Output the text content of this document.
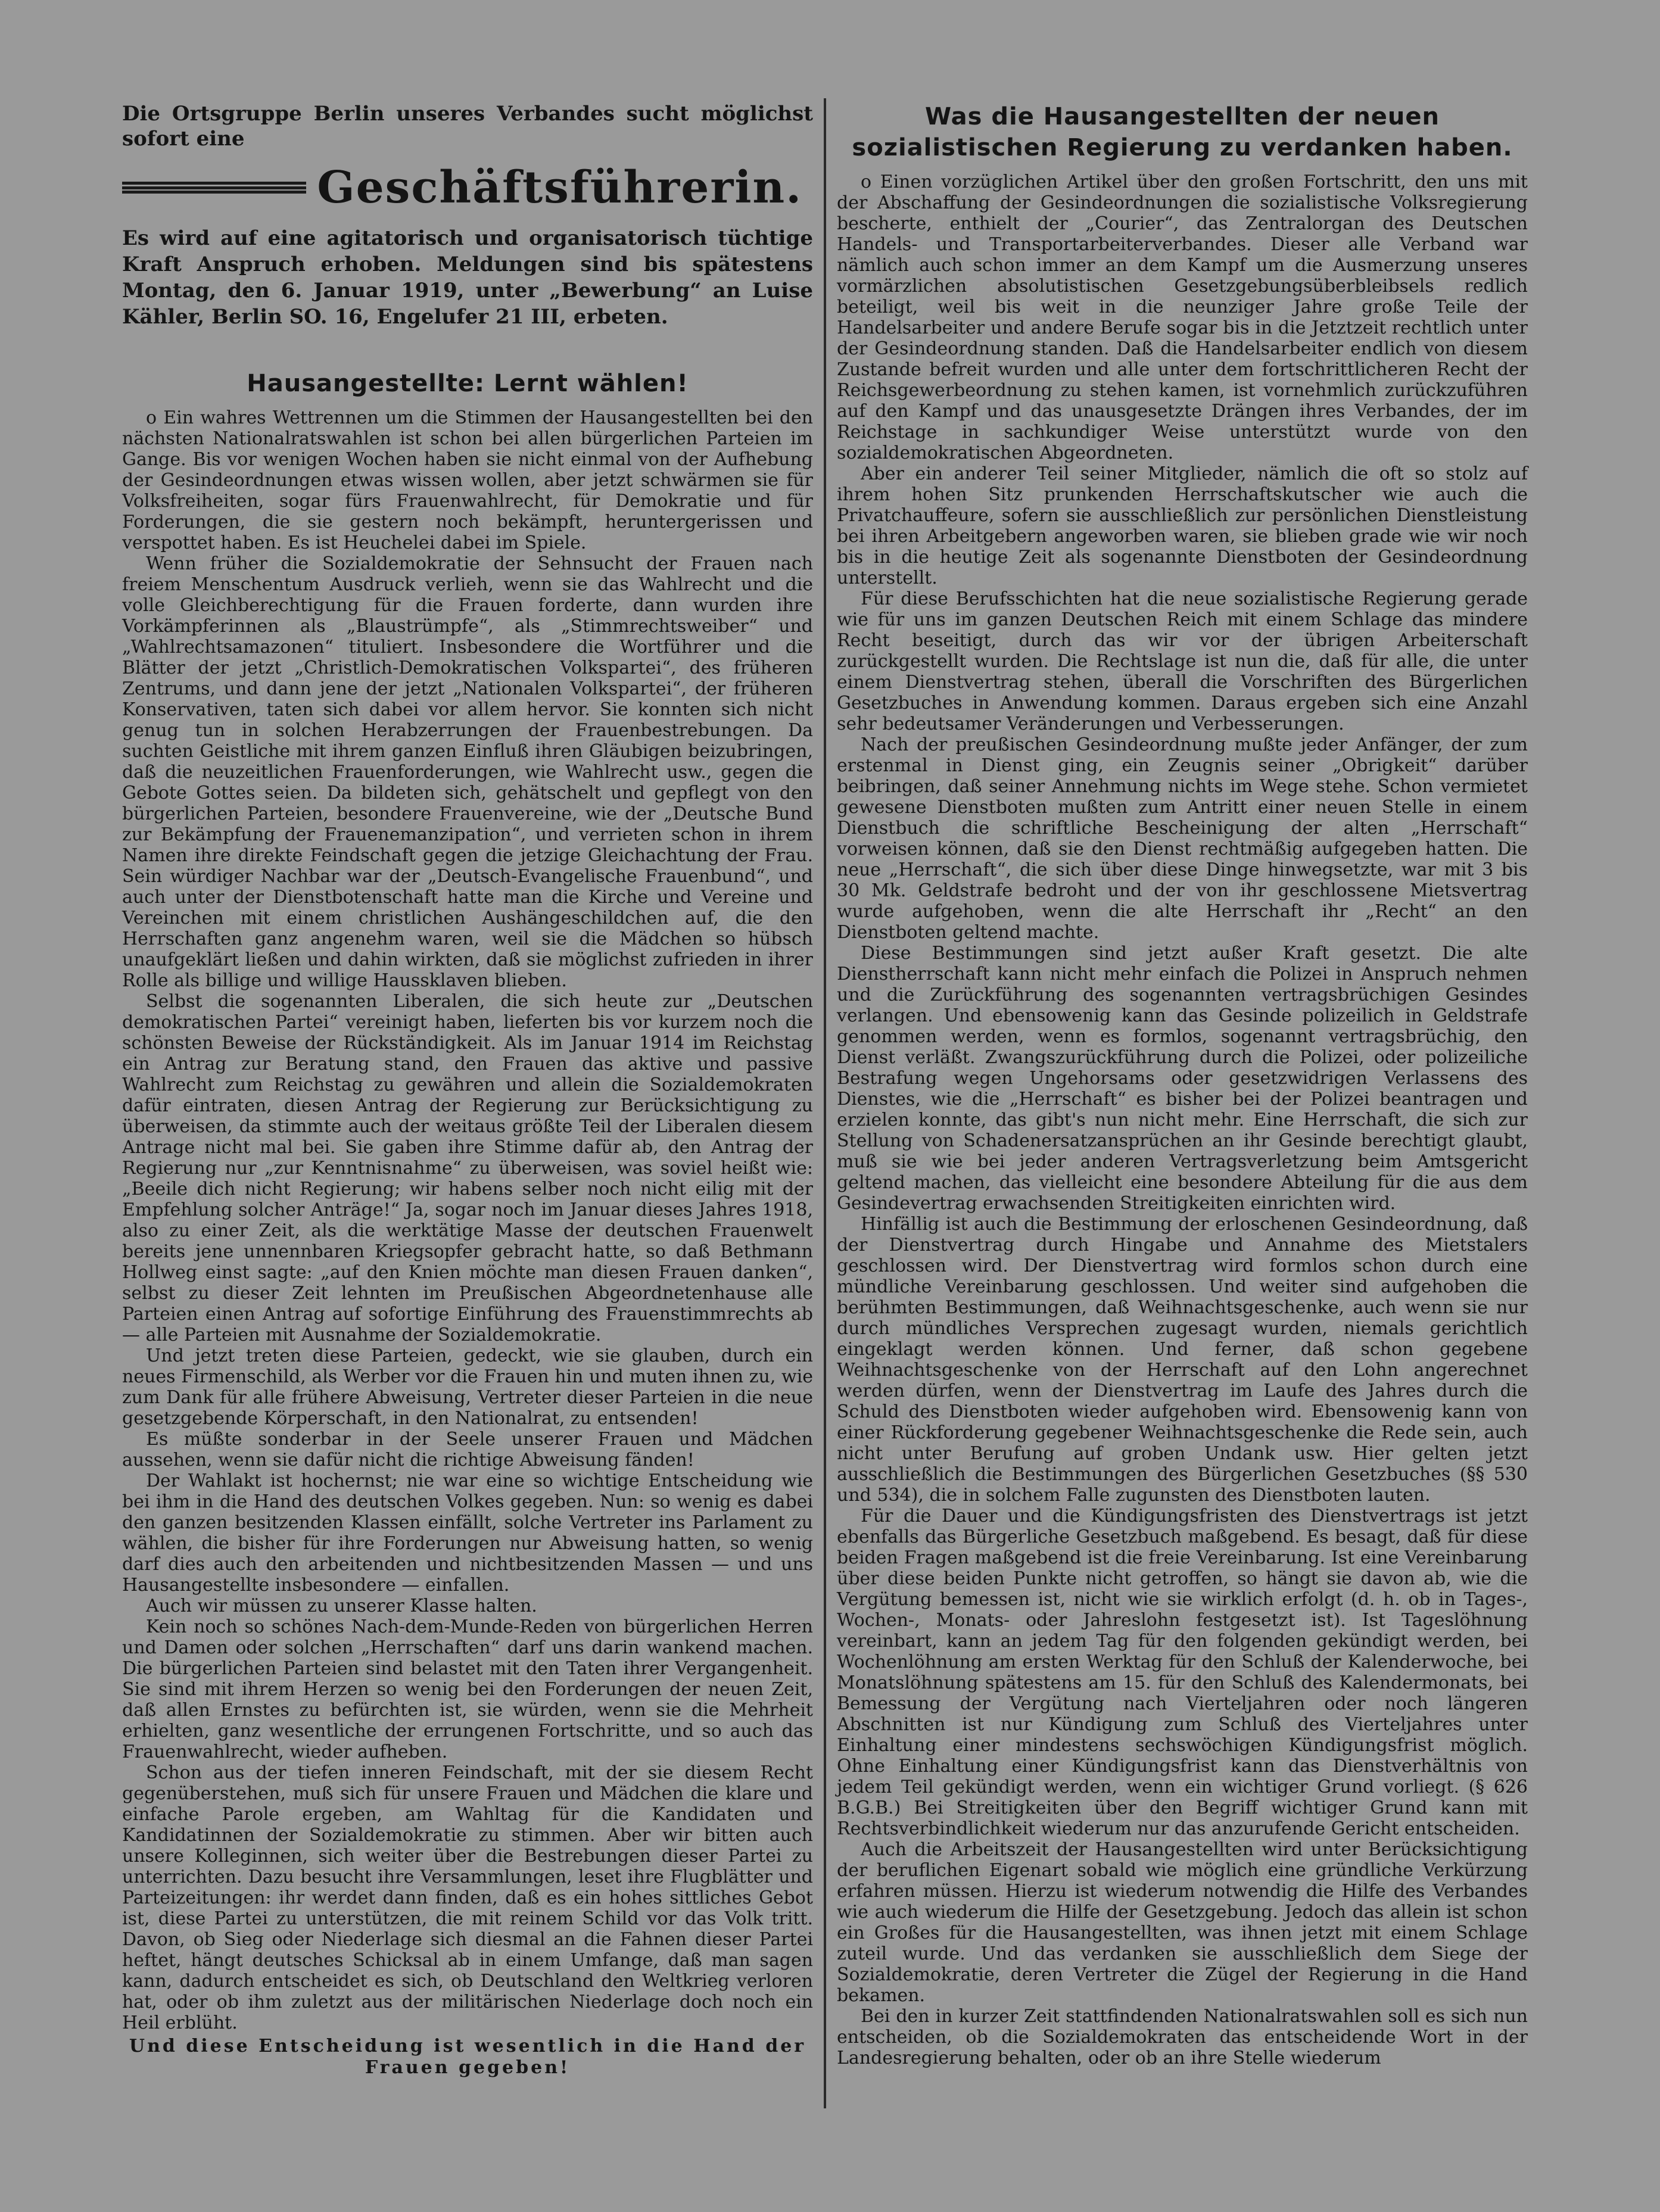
Die Ortsgruppe Berlin unseres Verbandes sucht möglichst sofort eine
Geschäftsführerin.
Es wird auf eine agitatorisch und organisatorisch tüchtige Kraft Anspruch erhoben. Meldungen sind bis spätestens Montag, den 6. Januar 1919, unter „Bewerbung“ an Luise Kähler, Berlin SO. 16, Engelufer 21 III, erbeten.
Hausangestellte: Lernt wählen!

o Ein wahres Wettrennen um die Stimmen der Hausangestellten bei den nächsten Nationalratswahlen ist schon bei allen bürgerlichen Parteien im Gange. Bis vor wenigen Wochen haben sie nicht einmal von der Aufhebung der Gesindeordnungen etwas wissen wollen, aber jetzt schwärmen sie für Volksfreiheiten, sogar fürs Frauenwahlrecht, für Demokratie und für Forderungen, die sie gestern noch bekämpft, heruntergerissen und verspottet haben. Es ist Heuchelei dabei im Spiele.

Wenn früher die Sozialdemokratie der Sehnsucht der Frauen nach freiem Menschentum Ausdruck verlieh, wenn sie das Wahlrecht und die volle Gleichberechtigung für die Frauen forderte, dann wurden ihre Vorkämpferinnen als „Blaustrümpfe“, als „Stimmrechtsweiber“ und „Wahlrechtsamazonen“ tituliert. Insbesondere die Wortführer und die Blätter der jetzt „Christlich-Demokratischen Volkspartei“, des früheren Zentrums, und dann jene der jetzt „Nationalen Volkspartei“, der früheren Konservativen, taten sich dabei vor allem hervor. Sie konnten sich nicht genug tun in solchen Herabzerrungen der Frauenbestrebungen. Da suchten Geistliche mit ihrem ganzen Einfluß ihren Gläubigen beizubringen, daß die neuzeitlichen Frauenforderungen, wie Wahlrecht usw., gegen die Gebote Gottes seien. Da bildeten sich, gehätschelt und gepflegt von den bürgerlichen Parteien, besondere Frauenvereine, wie der „Deutsche Bund zur Bekämpfung der Frauenemanzipation“, und verrieten schon in ihrem Namen ihre direkte Feindschaft gegen die jetzige Gleichachtung der Frau. Sein würdiger Nachbar war der „Deutsch-Evangelische Frauenbund“, und auch unter der Dienstbotenschaft hatte man die Kirche und Vereine und Vereinchen mit einem christlichen Aushängeschildchen auf, die den Herrschaften ganz angenehm waren, weil sie die Mädchen so hübsch unaufgeklärt ließen und dahin wirkten, daß sie möglichst zufrieden in ihrer Rolle als billige und willige Haussklaven blieben.

Selbst die sogenannten Liberalen, die sich heute zur „Deutschen demokratischen Partei“ vereinigt haben, lieferten bis vor kurzem noch die schönsten Beweise der Rückständigkeit. Als im Januar 1914 im Reichstag ein Antrag zur Beratung stand, den Frauen das aktive und passive Wahlrecht zum Reichstag zu gewähren und allein die Sozialdemokraten dafür eintraten, diesen Antrag der Regierung zur Berücksichtigung zu überweisen, da stimmte auch der weitaus größte Teil der Liberalen diesem Antrage nicht mal bei. Sie gaben ihre Stimme dafür ab, den Antrag der Regierung nur „zur Kenntnisnahme“ zu überweisen, was soviel heißt wie: „Beeile dich nicht Regierung; wir habens selber noch nicht eilig mit der Empfehlung solcher Anträge!“ Ja, sogar noch im Januar dieses Jahres 1918, also zu einer Zeit, als die werktätige Masse der deutschen Frauenwelt bereits jene unnennbaren Kriegsopfer gebracht hatte, so daß Bethmann Hollweg einst sagte: „auf den Knien möchte man diesen Frauen danken“, selbst zu dieser Zeit lehnten im Preußischen Abgeordnetenhause alle Parteien einen Antrag auf sofortige Einführung des Frauenstimmrechts ab — alle Parteien mit Ausnahme der Sozialdemokratie.

Und jetzt treten diese Parteien, gedeckt, wie sie glauben, durch ein neues Firmenschild, als Werber vor die Frauen hin und muten ihnen zu, wie zum Dank für alle frühere Abweisung, Vertreter dieser Parteien in die neue gesetzgebende Körperschaft, in den Nationalrat, zu entsenden!

Es müßte sonderbar in der Seele unserer Frauen und Mädchen aussehen, wenn sie dafür nicht die richtige Abweisung fänden!

Der Wahlakt ist hochernst; nie war eine so wichtige Entscheidung wie bei ihm in die Hand des deutschen Volkes gegeben. Nun: so wenig es dabei den ganzen besitzenden Klassen einfällt, solche Vertreter ins Parlament zu wählen, die bisher für ihre Forderungen nur Abweisung hatten, so wenig darf dies auch den arbeitenden und nichtbesitzenden Massen — und uns Hausangestellte insbesondere — einfallen.

Auch wir müssen zu unserer Klasse halten.

Kein noch so schönes Nach-dem-Munde-Reden von bürgerlichen Herren und Damen oder solchen „Herrschaften“ darf uns darin wankend machen. Die bürgerlichen Parteien sind belastet mit den Taten ihrer Vergangenheit. Sie sind mit ihrem Herzen so wenig bei den Forderungen der neuen Zeit, daß allen Ernstes zu befürchten ist, sie würden, wenn sie die Mehrheit erhielten, ganz wesentliche der errungenen Fortschritte, und so auch das Frauenwahlrecht, wieder aufheben.

Schon aus der tiefen inneren Feindschaft, mit der sie diesem Recht gegenüberstehen, muß sich für unsere Frauen und Mädchen die klare und einfache Parole ergeben, am Wahltag für die Kandidaten und Kandidatinnen der Sozialdemokratie zu stimmen. Aber wir bitten auch unsere Kolleginnen, sich weiter über die Bestrebungen dieser Partei zu unterrichten. Dazu besucht ihre Versammlungen, leset ihre Flugblätter und Parteizeitungen: ihr werdet dann finden, daß es ein hohes sittliches Gebot ist, diese Partei zu unterstützen, die mit reinem Schild vor das Volk tritt. Davon, ob Sieg oder Niederlage sich diesmal an die Fahnen dieser Partei heftet, hängt deutsches Schicksal ab in einem Umfange, daß man sagen kann, dadurch entscheidet es sich, ob Deutschland den Weltkrieg verloren hat, oder ob ihm zuletzt aus der militärischen Niederlage doch noch ein Heil erblüht.

Und diese Entscheidung ist wesentlich in die Hand der Frauen gegeben!
Was die Hausangestellten der neuen sozialistischen Regierung zu verdanken haben.

o Einen vorzüglichen Artikel über den großen Fortschritt, den uns mit der Abschaffung der Gesindeordnungen die sozialistische Volksregierung bescherte, enthielt der „Courier“, das Zentralorgan des Deutschen Handels- und Transportarbeiterverbandes. Dieser alle Verband war nämlich auch schon immer an dem Kampf um die Ausmerzung unseres vormärzlichen absolutistischen Gesetzgebungsüberbleibsels redlich beteiligt, weil bis weit in die neunziger Jahre große Teile der Handelsarbeiter und andere Berufe sogar bis in die Jetztzeit rechtlich unter der Gesindeordnung standen. Daß die Handelsarbeiter endlich von diesem Zustande befreit wurden und alle unter dem fortschrittlicheren Recht der Reichsgewerbeordnung zu stehen kamen, ist vornehmlich zurückzuführen auf den Kampf und das unausgesetzte Drängen ihres Verbandes, der im Reichstage in sachkundiger Weise unterstützt wurde von den sozialdemokratischen Abgeordneten.

Aber ein anderer Teil seiner Mitglieder, nämlich die oft so stolz auf ihrem hohen Sitz prunkenden Herrschaftskutscher wie auch die Privatchauffeure, sofern sie ausschließlich zur persönlichen Dienstleistung bei ihren Arbeitgebern angeworben waren, sie blieben grade wie wir noch bis in die heutige Zeit als sogenannte Dienstboten der Gesindeordnung unterstellt.

Für diese Berufsschichten hat die neue sozialistische Regierung gerade wie für uns im ganzen Deutschen Reich mit einem Schlage das mindere Recht beseitigt, durch das wir vor der übrigen Arbeiterschaft zurückgestellt wurden. Die Rechtslage ist nun die, daß für alle, die unter einem Dienstvertrag stehen, überall die Vorschriften des Bürgerlichen Gesetzbuches in Anwendung kommen. Daraus ergeben sich eine Anzahl sehr bedeutsamer Veränderungen und Verbesserungen.

Nach der preußischen Gesindeordnung mußte jeder Anfänger, der zum erstenmal in Dienst ging, ein Zeugnis seiner „Obrigkeit“ darüber beibringen, daß seiner Annehmung nichts im Wege stehe. Schon vermietet gewesene Dienstboten mußten zum Antritt einer neuen Stelle in einem Dienstbuch die schriftliche Bescheinigung der alten „Herrschaft“ vorweisen können, daß sie den Dienst rechtmäßig aufgegeben hatten. Die neue „Herrschaft“, die sich über diese Dinge hinwegsetzte, war mit 3 bis 30 Mk. Geldstrafe bedroht und der von ihr geschlossene Mietsvertrag wurde aufgehoben, wenn die alte Herrschaft ihr „Recht“ an den Dienstboten geltend machte.

Diese Bestimmungen sind jetzt außer Kraft gesetzt. Die alte Dienstherrschaft kann nicht mehr einfach die Polizei in Anspruch nehmen und die Zurückführung des sogenannten vertragsbrüchigen Gesindes verlangen. Und ebensowenig kann das Gesinde polizeilich in Geldstrafe genommen werden, wenn es formlos, sogenannt vertragsbrüchig, den Dienst verläßt. Zwangszurückführung durch die Polizei, oder polizeiliche Bestrafung wegen Ungehorsams oder gesetzwidrigen Verlassens des Dienstes, wie die „Herrschaft“ es bisher bei der Polizei beantragen und erzielen konnte, das gibt's nun nicht mehr. Eine Herrschaft, die sich zur Stellung von Schadenersatzansprüchen an ihr Gesinde berechtigt glaubt, muß sie wie bei jeder anderen Vertragsverletzung beim Amtsgericht geltend machen, das vielleicht eine besondere Abteilung für die aus dem Gesindevertrag erwachsenden Streitigkeiten einrichten wird.

Hinfällig ist auch die Bestimmung der erloschenen Gesindeordnung, daß der Dienstvertrag durch Hingabe und Annahme des Mietstalers geschlossen wird. Der Dienstvertrag wird formlos schon durch eine mündliche Vereinbarung geschlossen. Und weiter sind aufgehoben die berühmten Bestimmungen, daß Weihnachtsgeschenke, auch wenn sie nur durch mündliches Versprechen zugesagt wurden, niemals gerichtlich eingeklagt werden können. Und ferner, daß schon gegebene Weihnachtsgeschenke von der Herrschaft auf den Lohn angerechnet werden dürfen, wenn der Dienstvertrag im Laufe des Jahres durch die Schuld des Dienstboten wieder aufgehoben wird. Ebensowenig kann von einer Rückforderung gegebener Weihnachtsgeschenke die Rede sein, auch nicht unter Berufung auf groben Undank usw. Hier gelten jetzt ausschließlich die Bestimmungen des Bürgerlichen Gesetzbuches (§§ 530 und 534), die in solchem Falle zugunsten des Dienstboten lauten.

Für die Dauer und die Kündigungsfristen des Dienstvertrags ist jetzt ebenfalls das Bürgerliche Gesetzbuch maßgebend. Es besagt, daß für diese beiden Fragen maßgebend ist die freie Vereinbarung. Ist eine Vereinbarung über diese beiden Punkte nicht getroffen, so hängt sie davon ab, wie die Vergütung bemessen ist, nicht wie sie wirklich erfolgt (d. h. ob in Tages-, Wochen-, Monats- oder Jahreslohn festgesetzt ist). Ist Tageslöhnung vereinbart, kann an jedem Tag für den folgenden gekündigt werden, bei Wochenlöhnung am ersten Werktag für den Schluß der Kalenderwoche, bei Monatslöhnung spätestens am 15. für den Schluß des Kalendermonats, bei Bemessung der Vergütung nach Vierteljahren oder noch längeren Abschnitten ist nur Kündigung zum Schluß des Vierteljahres unter Einhaltung einer mindestens sechswöchigen Kündigungsfrist möglich. Ohne Einhaltung einer Kündigungsfrist kann das Dienstverhältnis von jedem Teil gekündigt werden, wenn ein wichtiger Grund vorliegt. (§ 626 B.G.B.) Bei Streitigkeiten über den Begriff wichtiger Grund kann mit Rechtsverbindlichkeit wiederum nur das anzurufende Gericht entscheiden.

Auch die Arbeitszeit der Hausangestellten wird unter Berücksichtigung der beruflichen Eigenart sobald wie möglich eine gründliche Verkürzung erfahren müssen. Hierzu ist wiederum notwendig die Hilfe des Verbandes wie auch wiederum die Hilfe der Gesetzgebung. Jedoch das allein ist schon ein Großes für die Hausangestellten, was ihnen jetzt mit einem Schlage zuteil wurde. Und das verdanken sie ausschließlich dem Siege der Sozialdemokratie, deren Vertreter die Zügel der Regierung in die Hand bekamen.

Bei den in kurzer Zeit stattfindenden Nationalratswahlen soll es sich nun entscheiden, ob die Sozialdemokraten das entscheidende Wort in der Landesregierung behalten, oder ob an ihre Stelle wiederum
